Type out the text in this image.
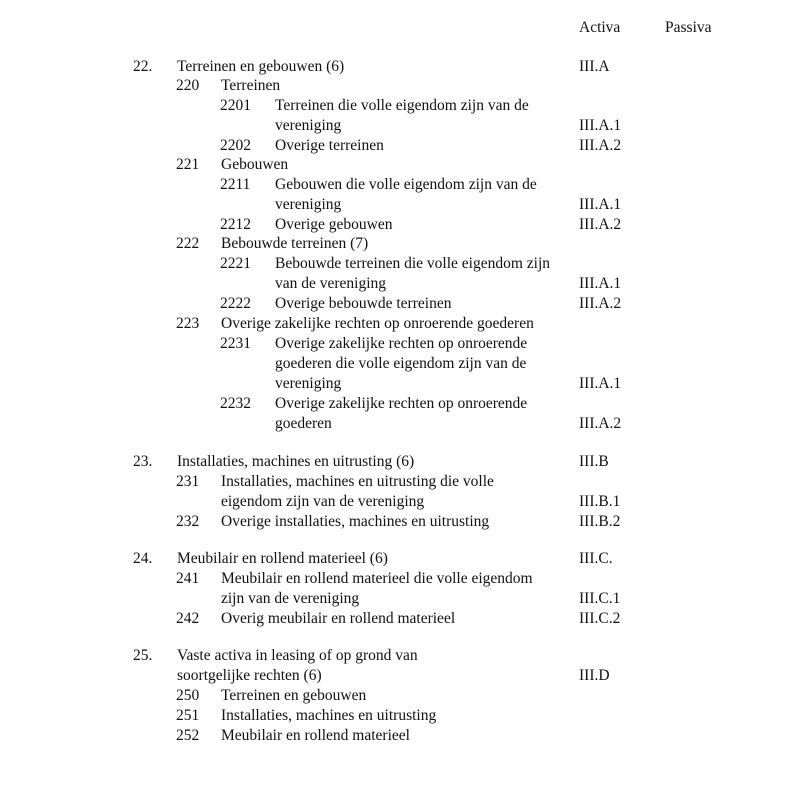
Activa	Passiva
22. Terreinen en gebouwen (6)	III.A
220 Terreinen
2201 Terreinen die volle eigendom zijn van de
vereniging	III.A.1
2202 Overige terreinen	III.A.2
221 Gebouwen
2211 Gebouwen die volle eigendom zijn van de
vereniging	III.A.1
2212 Overige gebouwen	III.A.2
222 Bebouwde terreinen (7)
2221 Bebouwde terreinen die volle eigendom zijn
van de vereniging	III.A.1
2222 Overige bebouwde terreinen	III.A.2
223 Overige zakelijke rechten op onroerende goederen
2231 Overige zakelijke rechten op onroerende
goederen die volle eigendom zijn van de
vereniging	III.A.1
2232 Overige zakelijke rechten op onroerende
goederen	III.A.2
23. Installaties, machines en uitrusting (6)	III.B
231 Installaties, machines en uitrusting die volle
eigendom zijn van de vereniging	III.B.1
232 Overige installaties, machines en uitrusting	III.B.2
24. Meubilair en rollend materieel (6)	III.C.
241 Meubilair en rollend materieel die volle eigendom
zijn van de vereniging	III.C.1
242 Overig meubilair en rollend materieel	III.C.2
25. Vaste activa in leasing of op grond van
soortgelijke rechten (6)	III.D
250 Terreinen en gebouwen
251 Installaties, machines en uitrusting
252 Meubilair en rollend materieel
